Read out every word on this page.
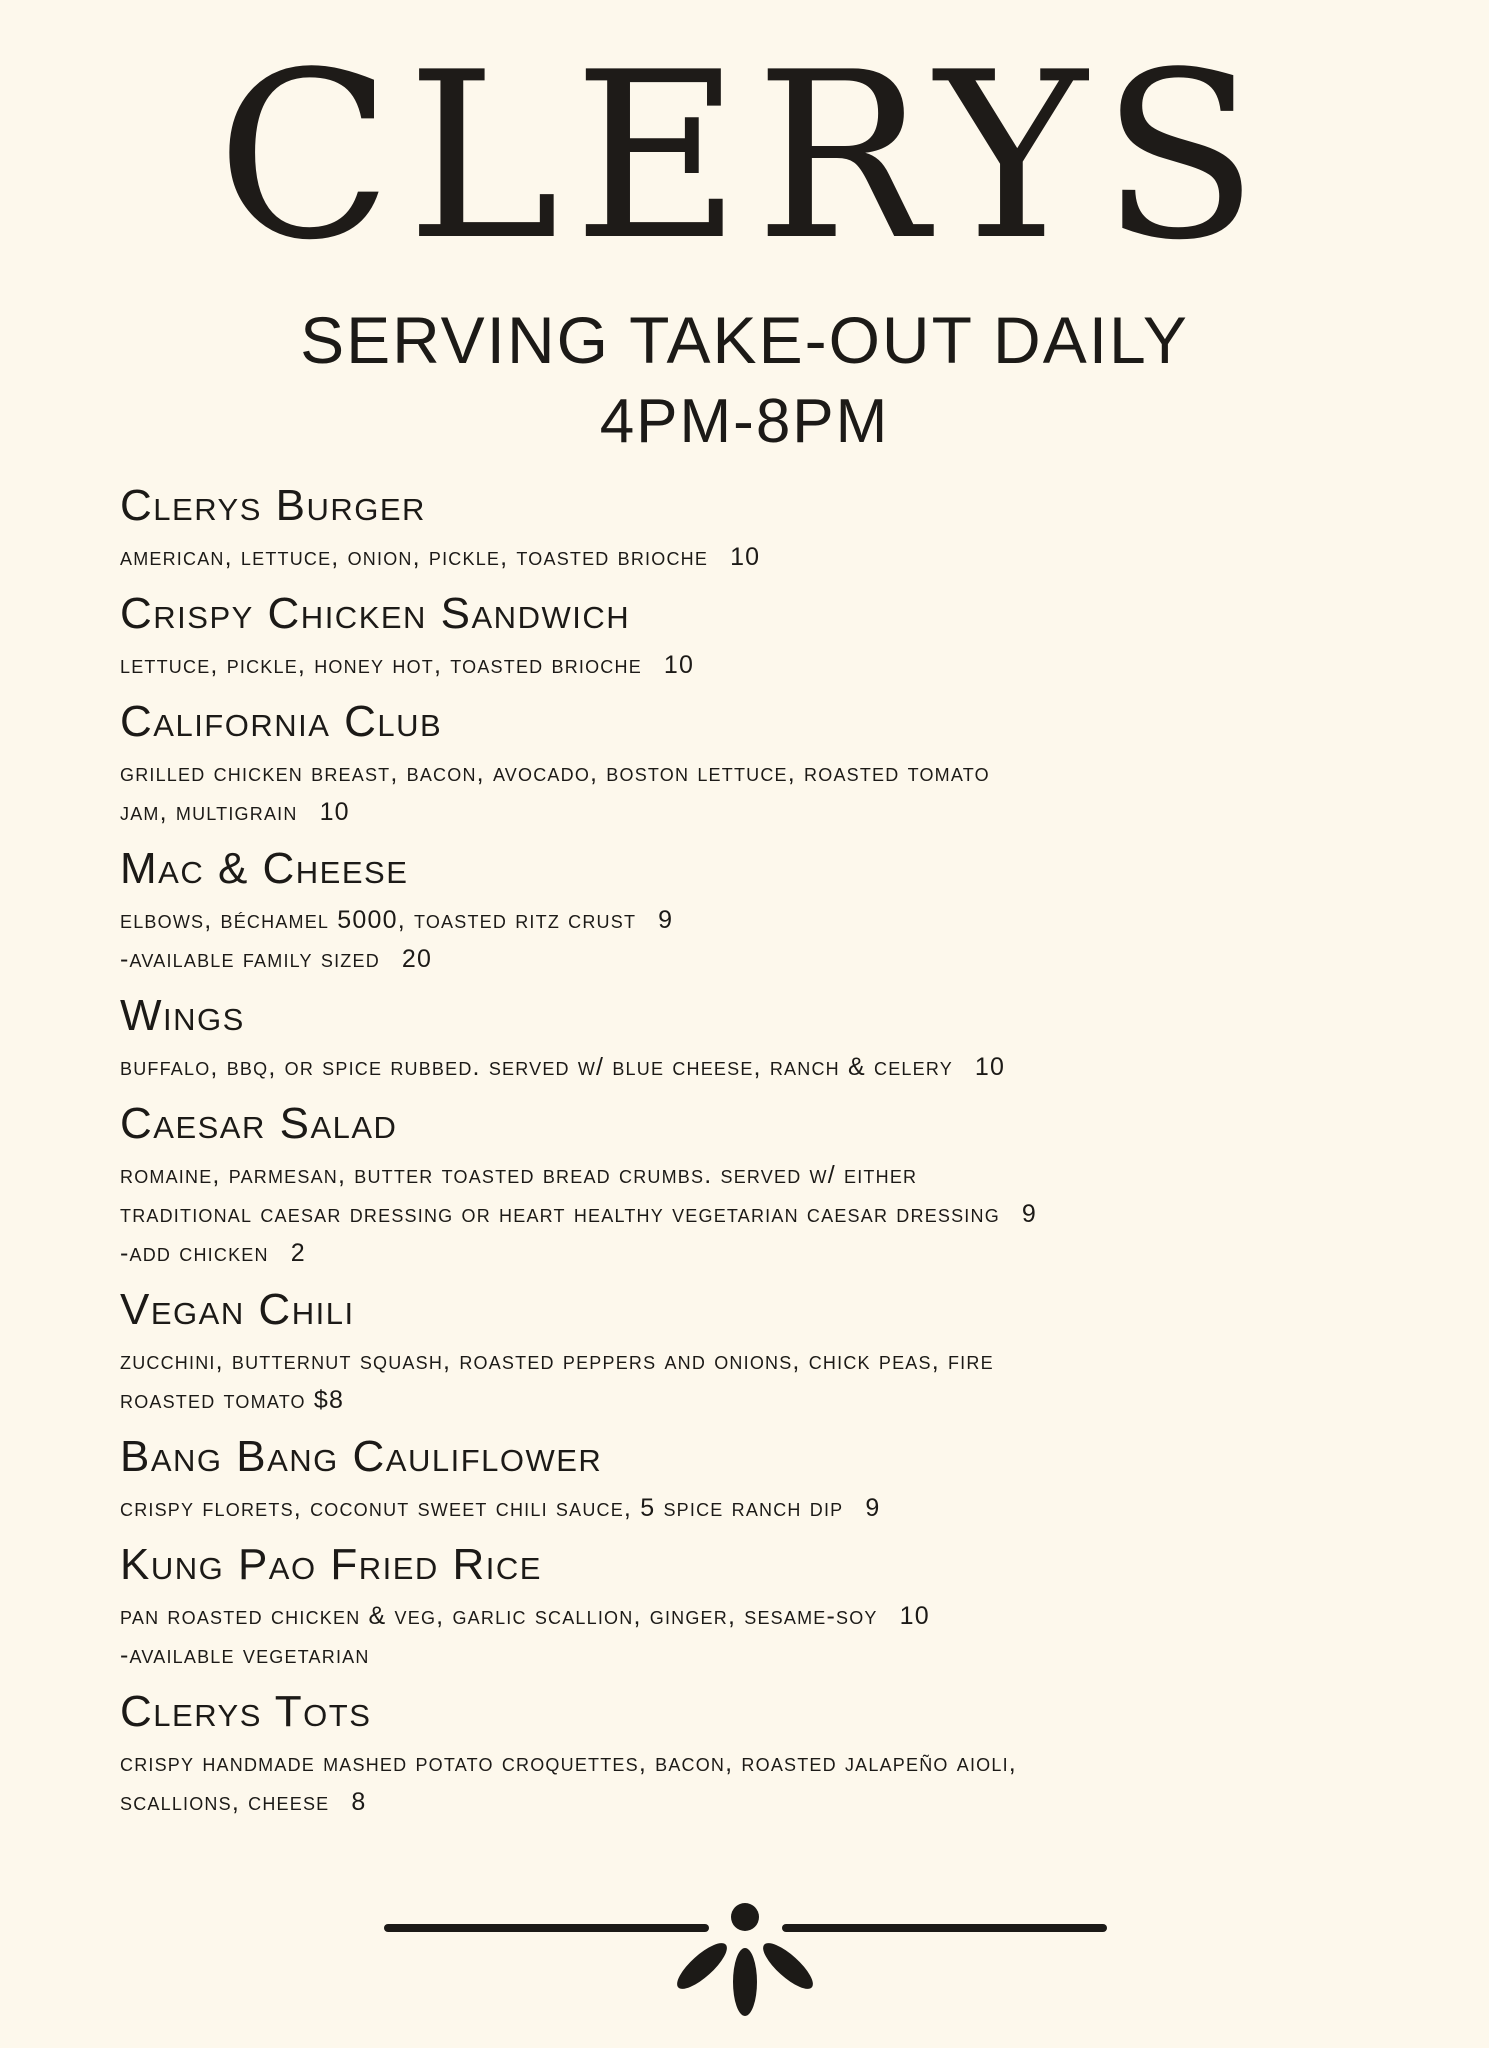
CLERYS
SERVING TAKE-OUT DAILY
4PM-8PM
Clerys Burger
american, lettuce, onion, pickle, toasted brioche 10
Crispy Chicken Sandwich
lettuce, pickle, honey hot, toasted brioche 10
California Club
grilled chicken breast, bacon, avocado, boston lettuce, roasted tomato
jam, multigrain 10
Mac & Cheese
elbows, béchamel 5000, toasted ritz crust 9
-available family sized 20
Wings
buffalo, bbq, or spice rubbed. served w/ blue cheese, ranch & celery 10
Caesar Salad
romaine, parmesan, butter toasted bread crumbs. served w/ either
traditional caesar dressing or heart healthy vegetarian caesar dressing 9
-add chicken 2
Vegan Chili
zucchini, butternut squash, roasted peppers and onions, chick peas, fire
roasted tomato $8
Bang Bang Cauliflower
crispy florets, coconut sweet chili sauce, 5 spice ranch dip 9
Kung Pao Fried Rice
pan roasted chicken & veg, garlic scallion, ginger, sesame-soy 10
-available vegetarian
Clerys Tots
crispy handmade mashed potato croquettes, bacon, roasted jalapeño aioli,
scallions, cheese 8
